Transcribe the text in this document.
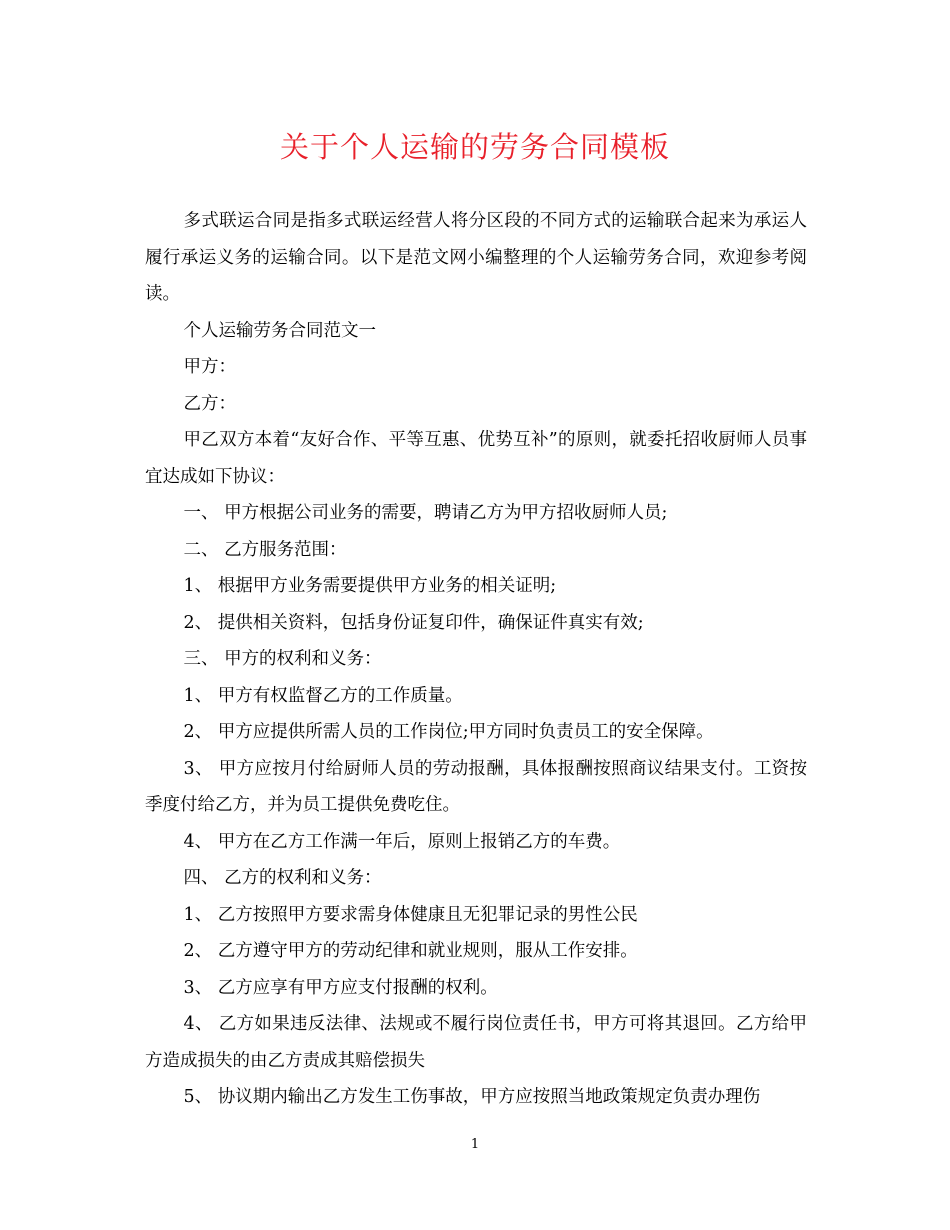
关于个人运输的劳务合同模板

多式联运合同是指多式联运经营人将分区段的不同方式的运输联合起来为承运人履行承运义务的运输合同。以下是范文网小编整理的个人运输劳务合同，欢迎参考阅读。

个人运输劳务合同范文一

甲方：

乙方：

甲乙双方本着“友好合作、平等互惠、优势互补”的原则，就委托招收厨师人员事宜达成如下协议：

一、 甲方根据公司业务的需要，聘请乙方为甲方招收厨师人员;

二、 乙方服务范围：

1、 根据甲方业务需要提供甲方业务的相关证明;

2、 提供相关资料，包括身份证复印件，确保证件真实有效;

三、 甲方的权利和义务：

1、 甲方有权监督乙方的工作质量。

2、 甲方应提供所需人员的工作岗位;甲方同时负责员工的安全保障。

3、 甲方应按月付给厨师人员的劳动报酬，具体报酬按照商议结果支付。工资按季度付给乙方，并为员工提供免费吃住。

4、 甲方在乙方工作满一年后，原则上报销乙方的车费。

四、 乙方的权利和义务：

1、 乙方按照甲方要求需身体健康且无犯罪记录的男性公民

2、 乙方遵守甲方的劳动纪律和就业规则，服从工作安排。

3、 乙方应享有甲方应支付报酬的权利。

4、 乙方如果违反法律、法规或不履行岗位责任书，甲方可将其退回。乙方给甲方造成损失的由乙方责成其赔偿损失

5、 协议期内输出乙方发生工伤事故，甲方应按照当地政策规定负责办理伤

1
